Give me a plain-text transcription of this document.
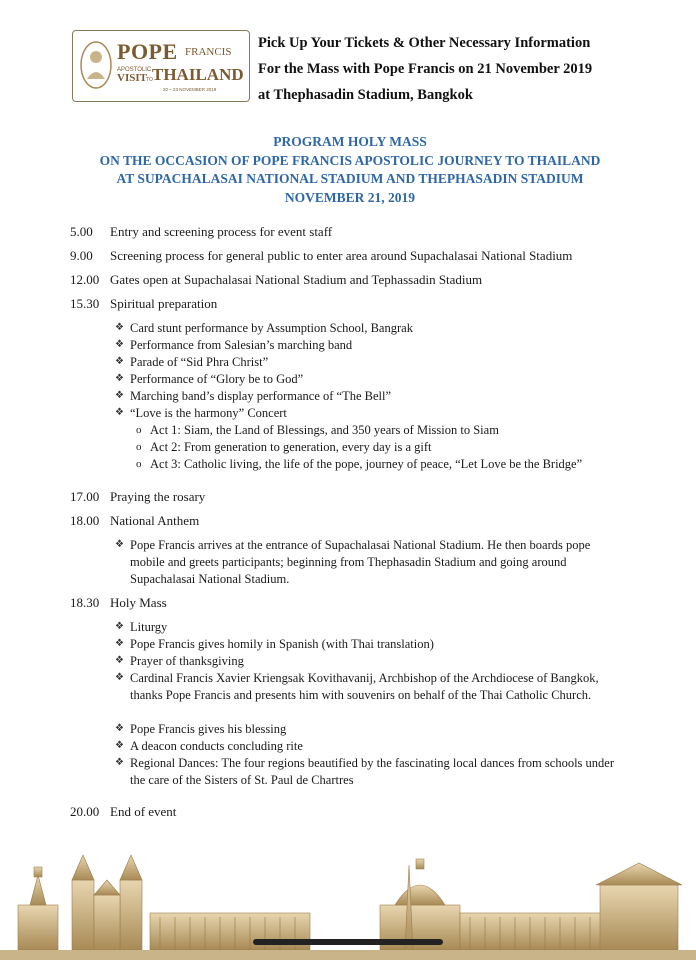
POPE FRANCIS
APOSTOLIC
VISIT TO THAILAND
20 – 23 NOVEMBER 2019
Pick Up Your Tickets & Other Necessary Information
For the Mass with Pope Francis on 21 November 2019
at Thephasadin Stadium, Bangkok
PROGRAM HOLY MASS
ON THE OCCASION OF POPE FRANCIS APOSTOLIC JOURNEY TO THAILAND
AT SUPACHALASAI NATIONAL STADIUM AND THEPHASADIN STADIUM
NOVEMBER 21, 2019
5.00 Entry and screening process for event staff
9.00 Screening process for general public to enter area around Supachalasai National Stadium
12.00 Gates open at Supachalasai National Stadium and Tephassadin Stadium
15.30 Spiritual preparation
❖ Card stunt performance by Assumption School, Bangrak
❖ Performance from Salesian’s marching band
❖ Parade of “Sid Phra Christ”
❖ Performance of “Glory be to God”
❖ Marching band’s display performance of “The Bell”
❖ “Love is the harmony” Concert
o Act 1: Siam, the Land of Blessings, and 350 years of Mission to Siam
o Act 2: From generation to generation, every day is a gift
o Act 3: Catholic living, the life of the pope, journey of peace, “Let Love be the Bridge”
17.00 Praying the rosary
18.00 National Anthem
❖ Pope Francis arrives at the entrance of Supachalasai National Stadium. He then boards pope mobile and greets participants; beginning from Thephasadin Stadium and going around Supachalasai National Stadium.
18.30 Holy Mass
❖ Liturgy
❖ Pope Francis gives homily in Spanish (with Thai translation)
❖ Prayer of thanksgiving
❖ Cardinal Francis Xavier Kriengsak Kovithavanij, Archbishop of the Archdiocese of Bangkok, thanks Pope Francis and presents him with souvenirs on behalf of the Thai Catholic Church.
❖ Pope Francis gives his blessing
❖ A deacon conducts concluding rite
❖ Regional Dances: The four regions beautified by the fascinating local dances from schools under the care of the Sisters of St. Paul de Chartres
20.00 End of event
